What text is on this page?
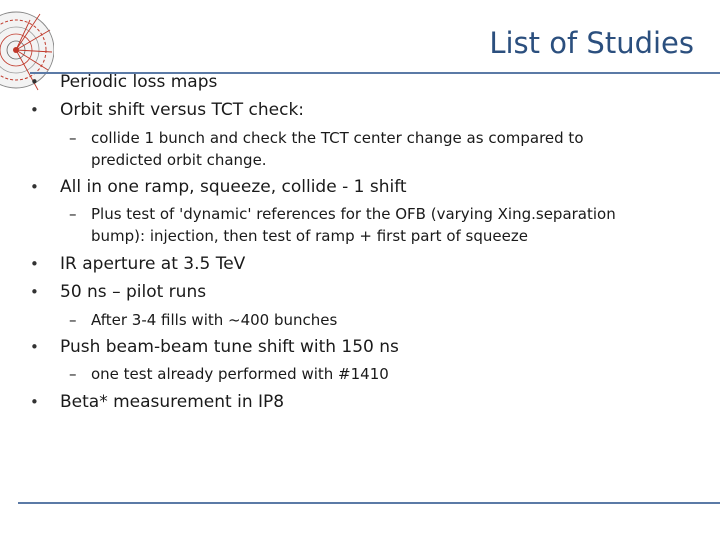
List of Studies
• Periodic loss maps
• Orbit shift versus TCT check:
– collide 1 bunch and check the TCT center change as compared to
predicted orbit change.
• All in one ramp, squeeze, collide - 1 shift
– Plus test of 'dynamic' references for the OFB (varying Xing.separation
bump): injection, then test of ramp + first part of squeeze
• IR aperture at 3.5 TeV
• 50 ns – pilot runs
– After 3-4 fills with ~400 bunches
• Push beam-beam tune shift with 150 ns
– one test already performed with #1410
• Beta* measurement in IP8
